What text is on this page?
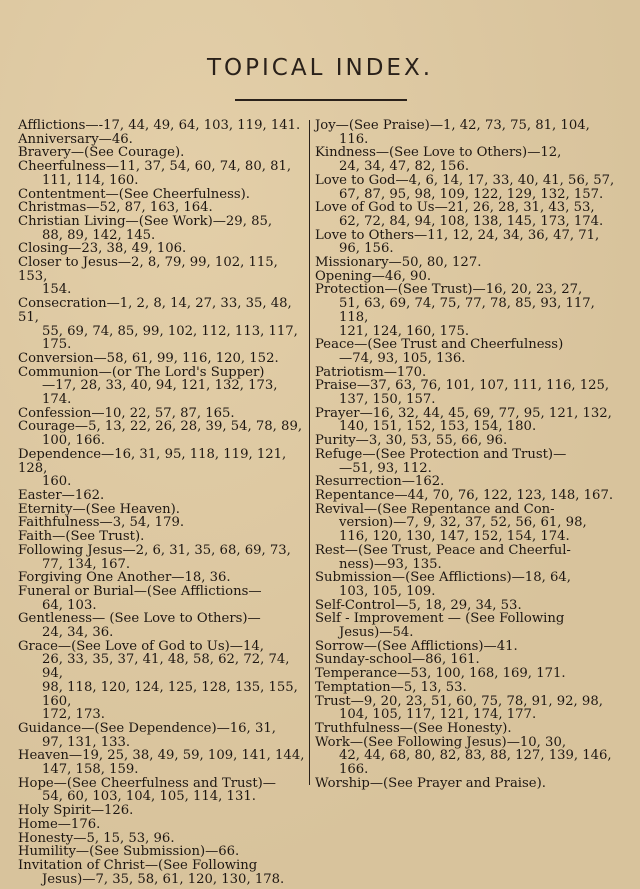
TOPICAL INDEX.
Afflictions—-17, 44, 49, 64, 103, 119, 141.
Anniversary—46.
Bravery—(See Courage).
Cheerfulness—11, 37, 54, 60, 74, 80, 81,
111, 114, 160.
Contentment—(See Cheerfulness).
Christmas—52, 87, 163, 164.
Christian Living—(See Work)—29, 85,
88, 89, 142, 145.
Closing—23, 38, 49, 106.
Closer to Jesus—2, 8, 79, 99, 102, 115, 153,
154.
Consecration—1, 2, 8, 14, 27, 33, 35, 48, 51,
55, 69, 74, 85, 99, 102, 112, 113, 117, 175.
Conversion—58, 61, 99, 116, 120, 152.
Communion—(or The Lord's Supper)
—17, 28, 33, 40, 94, 121, 132, 173, 174.
Confession—10, 22, 57, 87, 165.
Courage—5, 13, 22, 26, 28, 39, 54, 78, 89,
100, 166.
Dependence—16, 31, 95, 118, 119, 121, 128,
160.
Easter—162.
Eternity—(See Heaven).
Faithfulness—3, 54, 179.
Faith—(See Trust).
Following Jesus—2, 6, 31, 35, 68, 69, 73,
77, 134, 167.
Forgiving One Another—18, 36.
Funeral or Burial—(See Afflictions—
64, 103.
Gentleness— (See Love to Others)—
24, 34, 36.
Grace—(See Love of God to Us)—14,
26, 33, 35, 37, 41, 48, 58, 62, 72, 74, 94,
98, 118, 120, 124, 125, 128, 135, 155, 160,
172, 173.
Guidance—(See Dependence)—16, 31,
97, 131, 133.
Heaven—19, 25, 38, 49, 59, 109, 141, 144,
147, 158, 159.
Hope—(See Cheerfulness and Trust)—
54, 60, 103, 104, 105, 114, 131.
Holy Spirit—126.
Home—176.
Honesty—5, 15, 53, 96.
Humility—(See Submission)—66.
Invitation of Christ—(See Following
Jesus)—7, 35, 58, 61, 120, 130, 178.
Joy—(See Praise)—1, 42, 73, 75, 81, 104,
116.
Kindness—(See Love to Others)—12,
24, 34, 47, 82, 156.
Love to God—4, 6, 14, 17, 33, 40, 41, 56, 57,
67, 87, 95, 98, 109, 122, 129, 132, 157.
Love of God to Us—21, 26, 28, 31, 43, 53,
62, 72, 84, 94, 108, 138, 145, 173, 174.
Love to Others—11, 12, 24, 34, 36, 47, 71,
96, 156.
Missionary—50, 80, 127.
Opening—46, 90.
Protection—(See Trust)—16, 20, 23, 27,
51, 63, 69, 74, 75, 77, 78, 85, 93, 117, 118,
121, 124, 160, 175.
Peace—(See Trust and Cheerfulness)
—74, 93, 105, 136.
Patriotism—170.
Praise—37, 63, 76, 101, 107, 111, 116, 125,
137, 150, 157.
Prayer—16, 32, 44, 45, 69, 77, 95, 121, 132,
140, 151, 152, 153, 154, 180.
Purity—3, 30, 53, 55, 66, 96.
Refuge—(See Protection and Trust)—
—51, 93, 112.
Resurrection—162.
Repentance—44, 70, 76, 122, 123, 148, 167.
Revival—(See Repentance and Con-
version)—7, 9, 32, 37, 52, 56, 61, 98,
116, 120, 130, 147, 152, 154, 174.
Rest—(See Trust, Peace and Cheerful-
ness)—93, 135.
Submission—(See Afflictions)—18, 64,
103, 105, 109.
Self-Control—5, 18, 29, 34, 53.
Self - Improvement — (See Following
Jesus)—54.
Sorrow—(See Afflictions)—41.
Sunday-school—86, 161.
Temperance—53, 100, 168, 169, 171.
Temptation—5, 13, 53.
Trust—9, 20, 23, 51, 60, 75, 78, 91, 92, 98,
104, 105, 117, 121, 174, 177.
Truthfulness—(See Honesty).
Work—(See Following Jesus)—10, 30,
42, 44, 68, 80, 82, 83, 88, 127, 139, 146,
166.
Worship—(See Prayer and Praise).
